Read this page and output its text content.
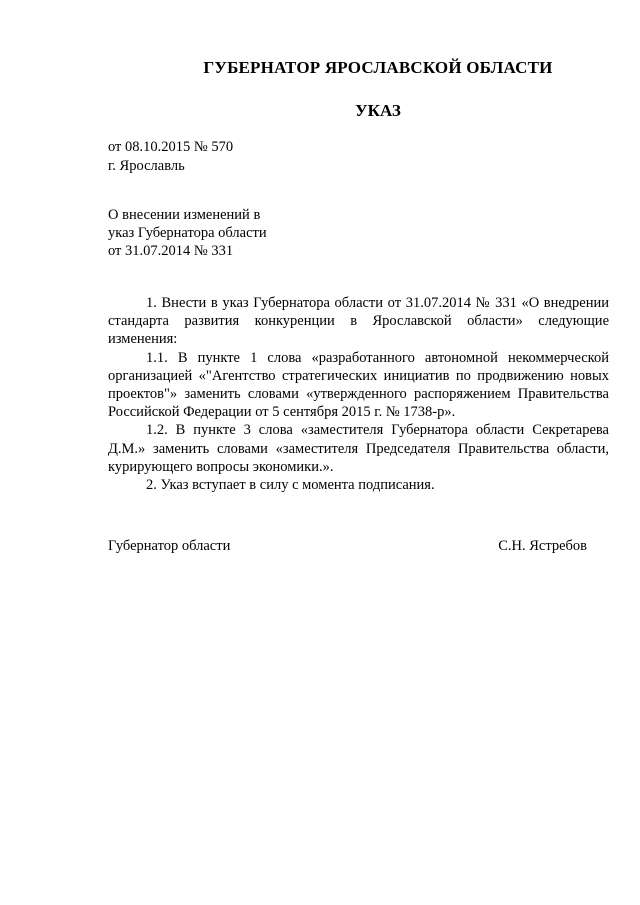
ГУБЕРНАТОР ЯРОСЛАВСКОЙ ОБЛАСТИ
УКАЗ
от 08.10.2015 № 570
г. Ярославль
О внесении изменений в
указ Губернатора области
от 31.07.2014 № 331

1. Внести в указ Губернатора области от 31.07.2014 № 331 «О внедрении стандарта развития конкуренции в Ярославской области» следующие изменения:

1.1. В пункте 1 слова «разработанного автономной некоммерческой организацией «"Агентство стратегических инициатив по продвижению новых проектов"» заменить словами «утвержденного распоряжением Правительства Российской Федерации от 5 сентября 2015 г. № 1738-р».

1.2. В пункте 3 слова «заместителя Губернатора области Секретарева Д.М.» заменить словами «заместителя Председателя Правительства области, курирующего вопросы экономики.».

2. Указ вступает в силу с момента подписания.

Губернатор области	С.Н. Ястребов
